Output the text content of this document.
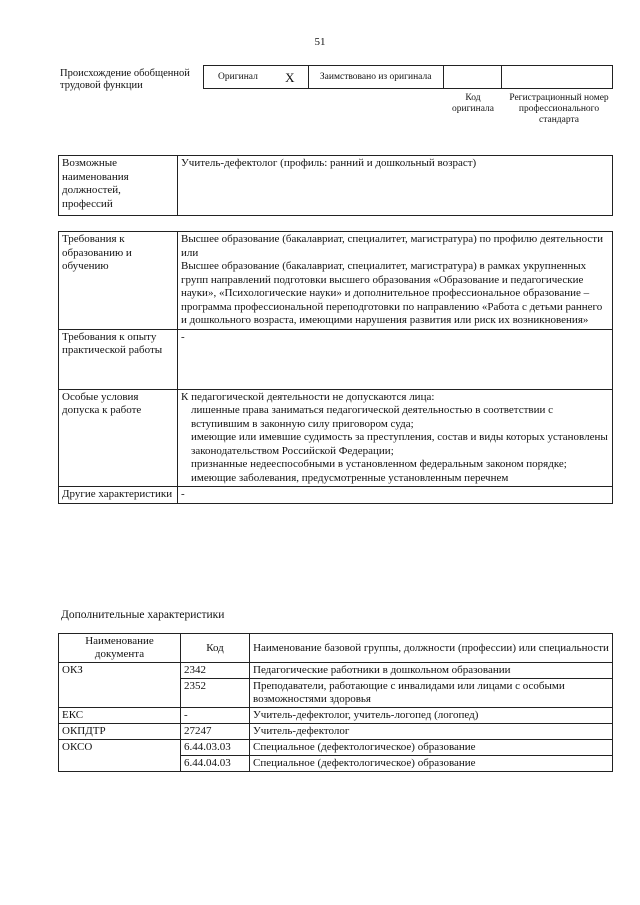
51
Происхождение обобщенной трудовой функции
Оригинал	X	Заимствовано из оригинала		
Код оригинала
Регистрационный номер профессионального стандарта
Возможные наименования должностей, профессий	Учитель-дефектолог (профиль: ранний и дошкольный возраст)
Требования к образованию и обучению	Высшее образование (бакалавриат, специалитет, магистратура) по профилю деятельности
или
Высшее образование (бакалавриат, специалитет, магистратура) в рамках укрупненных групп направлений подготовки высшего образования «Образование и педагогические науки», «Психологические науки» и дополнительное профессиональное образование – программа профессиональной переподготовки по направлению «Работа с детьми раннего и дошкольного возраста, имеющими нарушения развития или риск их возникновения»

Требования к опыту практической работы	-
Особые условия допуска к работе	К педагогической деятельности не допускаются лица:
лишенные права заниматься педагогической деятельностью в соответствии с вступившим в законную силу приговором суда;
имеющие или имевшие судимость за преступления, состав и виды которых установлены законодательством Российской Федерации;
признанные недееспособными в установленном федеральным законом порядке;
имеющие заболевания, предусмотренные установленным перечнем

Другие характеристики	-
Дополнительные характеристики
Наименование документа	Код	Наименование базовой группы, должности (профессии) или специальности
ОКЗ	2342	Педагогические работники в дошкольном образовании
	2352	Преподаватели, работающие с инвалидами или лицами с особыми возможностями здоровья
ЕКС	-	Учитель-дефектолог, учитель-логопед (логопед)
ОКПДТР	27247	Учитель-дефектолог
ОКСО	6.44.03.03	Специальное (дефектологическое) образование
	6.44.04.03	Специальное (дефектологическое) образование
